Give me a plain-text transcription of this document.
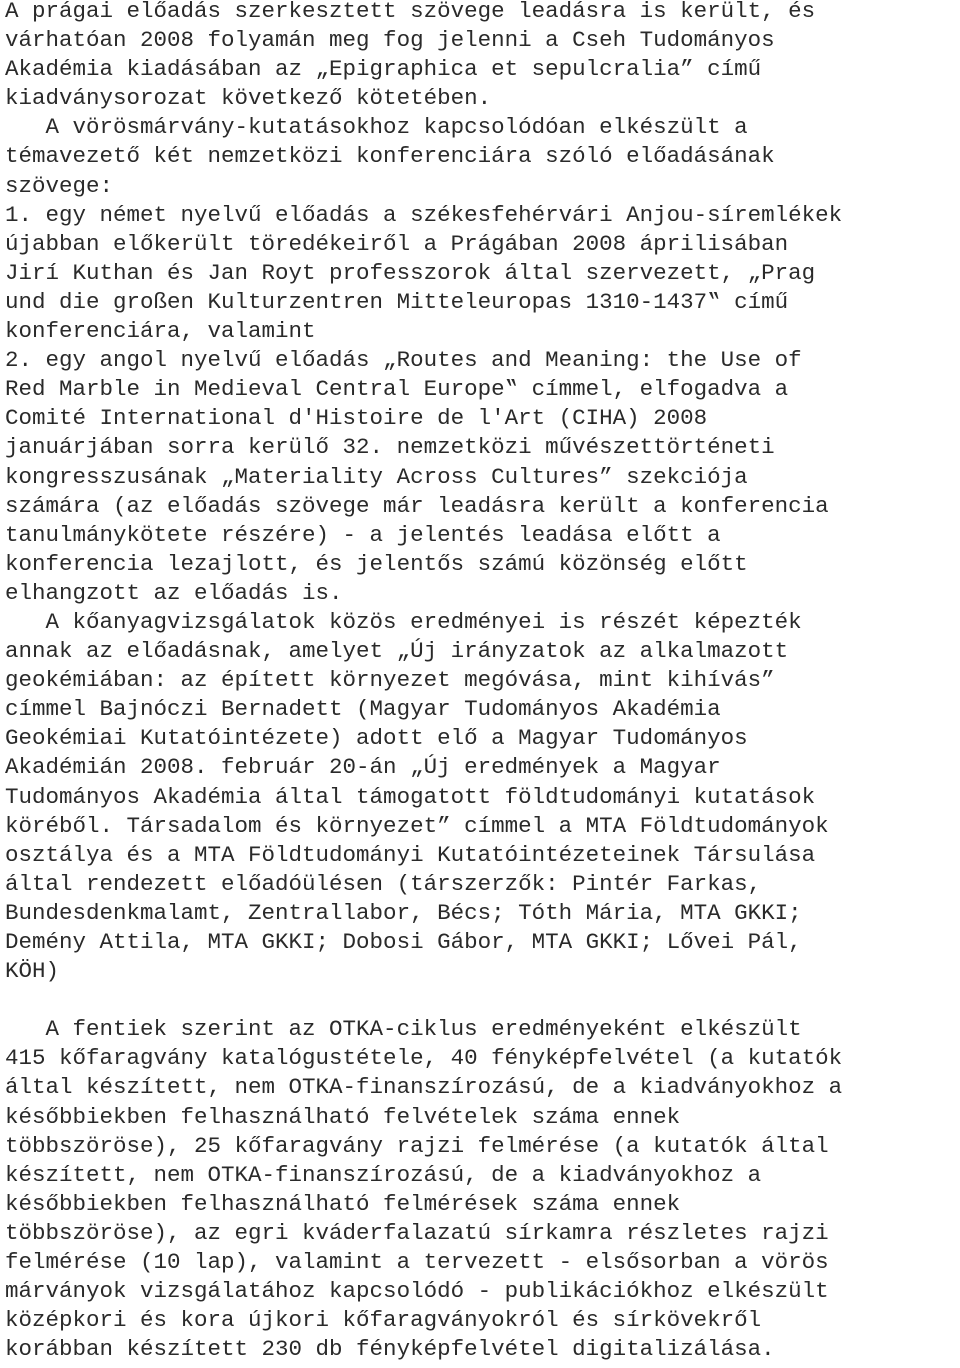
A prágai előadás szerkesztett szövege leadásra is került, és
várhatóan 2008 folyamán meg fog jelenni a Cseh Tudományos
Akadémia kiadásában az „Epigraphica et sepulcralia” című
kiadványsorozat következő kötetében.
A vörösmárvány-kutatásokhoz kapcsolódóan elkészült a
témavezető két nemzetközi konferenciára szóló előadásának
szövege:
1. egy német nyelvű előadás a székesfehérvári Anjou-síremlékek
újabban előkerült töredékeiről a Prágában 2008 áprilisában
Jirí Kuthan és Jan Royt professzorok által szervezett, „Prag
und die großen Kulturzentren Mitteleuropas 1310-1437‟ című
konferenciára, valamint
2. egy angol nyelvű előadás „Routes and Meaning: the Use of
Red Marble in Medieval Central Europe‟ címmel, elfogadva a
Comité International d'Histoire de l'Art (CIHA) 2008
januárjában sorra kerülő 32. nemzetközi művészettörténeti
kongresszusának „Materiality Across Cultures” szekciója
számára (az előadás szövege már leadásra került a konferencia
tanulmánykötete részére) - a jelentés leadása előtt a
konferencia lezajlott, és jelentős számú közönség előtt
elhangzott az előadás is.
A kőanyagvizsgálatok közös eredményei is részét képezték
annak az előadásnak, amelyet „Új irányzatok az alkalmazott
geokémiában: az épített környezet megóvása, mint kihívás”
címmel Bajnóczi Bernadett (Magyar Tudományos Akadémia
Geokémiai Kutatóintézete) adott elő a Magyar Tudományos
Akadémián 2008. február 20-án „Új eredmények a Magyar
Tudományos Akadémia által támogatott földtudományi kutatások
köréből. Társadalom és környezet” címmel a MTA Földtudományok
osztálya és a MTA Földtudományi Kutatóintézeteinek Társulása
által rendezett előadóülésen (társzerzők: Pintér Farkas,
Bundesdenkmalamt, Zentrallabor, Bécs; Tóth Mária, MTA GKKI;
Demény Attila, MTA GKKI; Dobosi Gábor, MTA GKKI; Lővei Pál,
KÖH)
A fentiek szerint az OTKA-ciklus eredményeként elkészült
415 kőfaragvány katalógustétele, 40 fényképfelvétel (a kutatók
által készített, nem OTKA-finanszírozású, de a kiadványokhoz a
későbbiekben felhasználható felvételek száma ennek
többszöröse), 25 kőfaragvány rajzi felmérése (a kutatók által
készített, nem OTKA-finanszírozású, de a kiadványokhoz a
későbbiekben felhasználható felmérések száma ennek
többszöröse), az egri kváderfalazatú sírkamra részletes rajzi
felmérése (10 lap), valamint a tervezett - elsősorban a vörös
márványok vizsgálatához kapcsolódó - publikációkhoz elkészült
középkori és kora újkori kőfaragványokról és sírkövekről
korábban készített 230 db fényképfelvétel digitalizálása.
